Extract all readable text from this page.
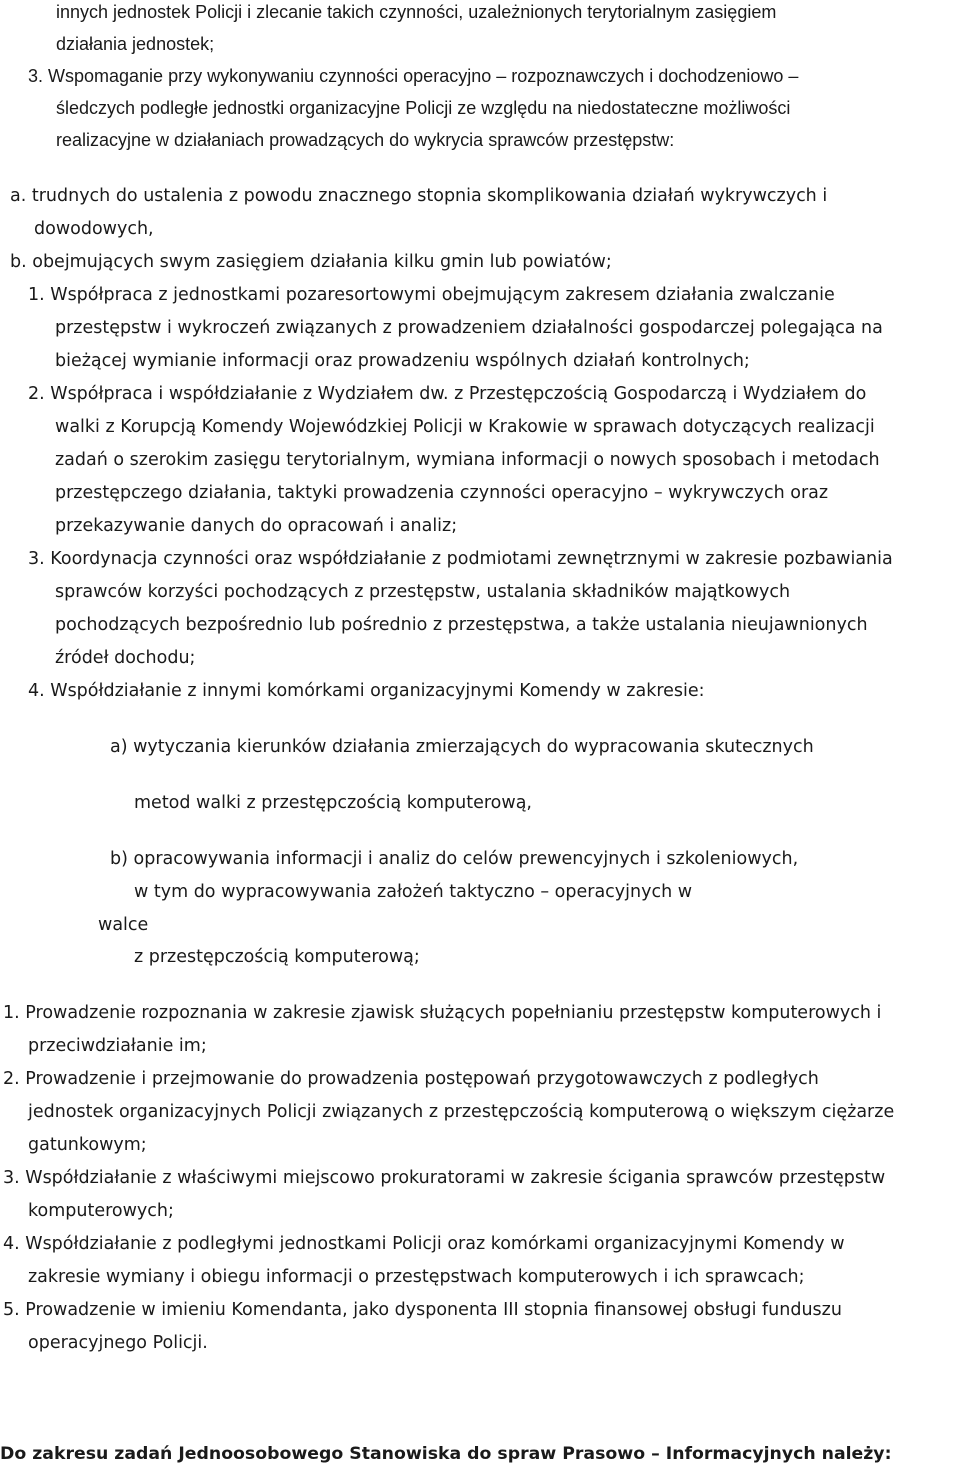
innych jednostek Policji i zlecanie takich czynności, uzależnionych terytorialnym zasięgiem
działania jednostek;
3. Wspomaganie przy wykonywaniu czynności operacyjno – rozpoznawczych i dochodzeniowo –
śledczych podległe jednostki organizacyjne Policji ze względu na niedostateczne możliwości
realizacyjne w działaniach prowadzących do wykrycia sprawców przestępstw:
a. trudnych do ustalenia z powodu znacznego stopnia skomplikowania działań wykrywczych i
dowodowych,
b. obejmujących swym zasięgiem działania kilku gmin lub powiatów;
1. Współpraca z jednostkami pozaresortowymi obejmującym zakresem działania zwalczanie
przestępstw i wykroczeń związanych z prowadzeniem działalności gospodarczej polegająca na
bieżącej wymianie informacji oraz prowadzeniu wspólnych działań kontrolnych;
2. Współpraca i współdziałanie z Wydziałem dw. z Przestępczością Gospodarczą i Wydziałem do
walki z Korupcją Komendy Wojewódzkiej Policji w Krakowie w sprawach dotyczących realizacji
zadań o szerokim zasięgu terytorialnym, wymiana informacji o nowych sposobach i metodach
przestępczego działania, taktyki prowadzenia czynności operacyjno – wykrywczych oraz
przekazywanie danych do opracowań i analiz;
3. Koordynacja czynności oraz współdziałanie z podmiotami zewnętrznymi w zakresie pozbawiania
sprawców korzyści pochodzących z przestępstw, ustalania składników majątkowych
pochodzących bezpośrednio lub pośrednio z przestępstwa, a także ustalania nieujawnionych
źródeł dochodu;
4. Współdziałanie z innymi komórkami organizacyjnymi Komendy w zakresie:
a) wytyczania kierunków działania zmierzających do wypracowania skutecznych
metod walki z przestępczością komputerową,
b) opracowywania informacji i analiz do celów prewencyjnych i szkoleniowych,
w tym do wypracowywania założeń taktyczno – operacyjnych w
walce
z przestępczością komputerową;
1. Prowadzenie rozpoznania w zakresie zjawisk służących popełnianiu przestępstw komputerowych i
przeciwdziałanie im;
2. Prowadzenie i przejmowanie do prowadzenia postępowań przygotowawczych z podległych
jednostek organizacyjnych Policji związanych z przestępczością komputerową o większym ciężarze
gatunkowym;
3. Współdziałanie z właściwymi miejscowo prokuratorami w zakresie ścigania sprawców przestępstw
komputerowych;
4. Współdziałanie z podległymi jednostkami Policji oraz komórkami organizacyjnymi Komendy w
zakresie wymiany i obiegu informacji o przestępstwach komputerowych i ich sprawcach;
5. Prowadzenie w imieniu Komendanta, jako dysponenta III stopnia finansowej obsługi funduszu
operacyjnego Policji.
Do zakresu zadań Jednoosobowego Stanowiska do spraw Prasowo – Informacyjnych należy:
